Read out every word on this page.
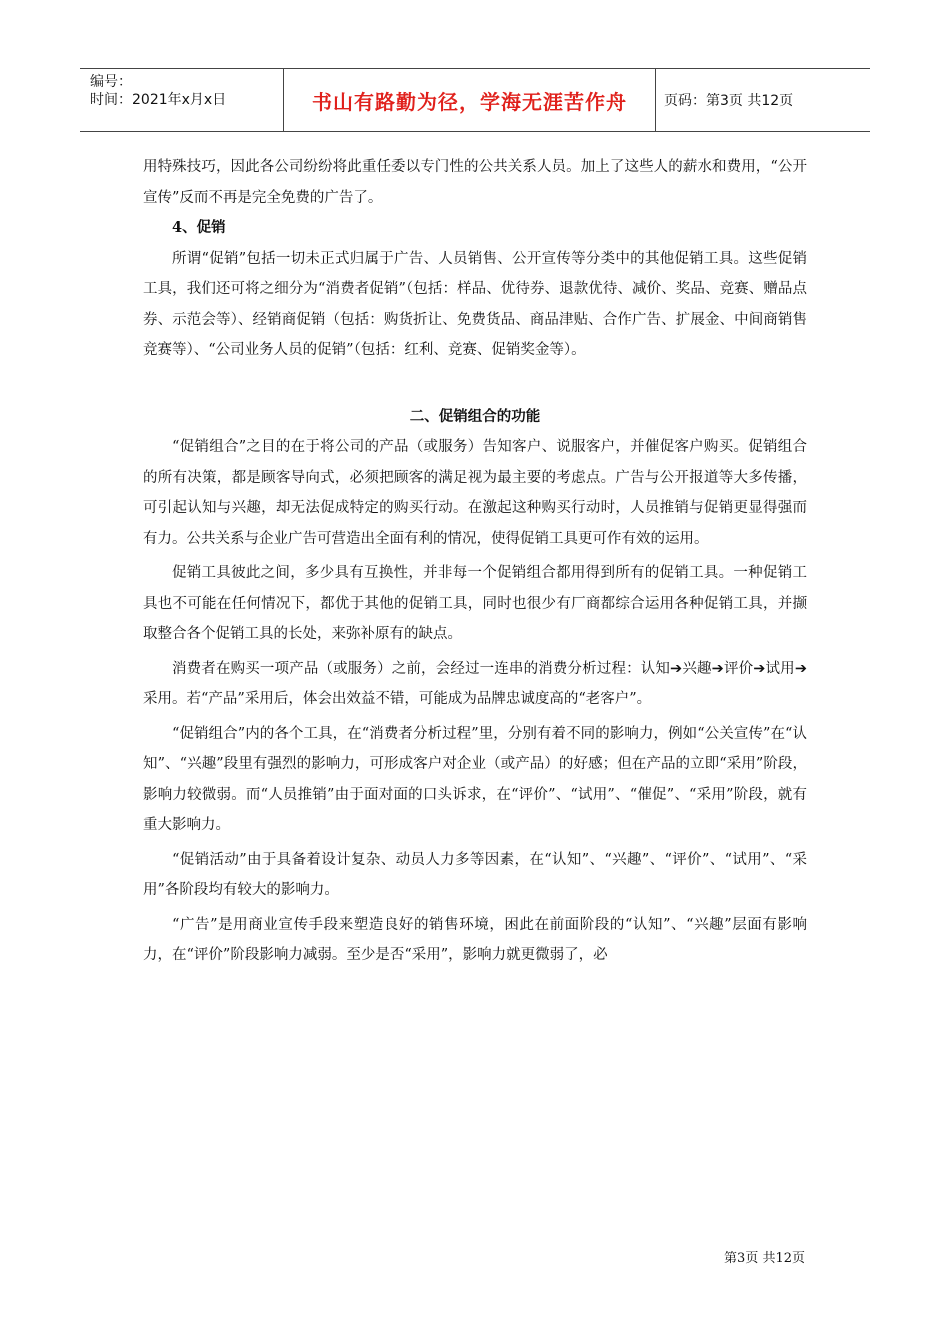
编号：
时间：2021年x月x日	书山有路勤为径，学海无涯苦作舟	页码：第3页 共12页

用特殊技巧，因此各公司纷纷将此重任委以专门性的公共关系人员。加上了这些人的薪水和费用，“公开宣传”反而不再是完全免费的广告了。

4、促销

所谓“促销”包括一切未正式归属于广告、人员销售、公开宣传等分类中的其他促销工具。这些促销工具，我们还可将之细分为“消费者促销”（包括：样品、优待券、退款优待、减价、奖品、竞赛、赠品点券、示范会等）、经销商促销（包括：购货折让、免费货品、商品津贴、合作广告、扩展金、中间商销售竞赛等）、“公司业务人员的促销”（包括：红利、竞赛、促销奖金等）。

二、促销组合的功能

“促销组合”之目的在于将公司的产品（或服务）告知客户、说服客户，并催促客户购买。促销组合的所有决策，都是顾客导向式，必须把顾客的满足视为最主要的考虑点。广告与公开报道等大多传播，可引起认知与兴趣，却无法促成特定的购买行动。在激起这种购买行动时，人员推销与促销更显得强而有力。公共关系与企业广告可营造出全面有利的情况，使得促销工具更可作有效的运用。

促销工具彼此之间，多少具有互换性，并非每一个促销组合都用得到所有的促销工具。一种促销工具也不可能在任何情况下，都优于其他的促销工具，同时也很少有厂商都综合运用各种促销工具，并撷取整合各个促销工具的长处，来弥补原有的缺点。

消费者在购买一项产品（或服务）之前，会经过一连串的消费分析过程：认知➔兴趣➔评价➔试用➔采用。若“产品”采用后，体会出效益不错，可能成为品牌忠诚度高的“老客户”。

“促销组合”内的各个工具，在“消费者分析过程”里，分别有着不同的影响力，例如“公关宣传”在“认知”、“兴趣”段里有强烈的影响力，可形成客户对企业（或产品）的好感；但在产品的立即“采用”阶段，影响力较微弱。而“人员推销”由于面对面的口头诉求，在“评价”、“试用”、“催促”、“采用”阶段，就有重大影响力。

“促销活动”由于具备着设计复杂、动员人力多等因素，在“认知”、“兴趣”、“评价”、“试用”、“采用”各阶段均有较大的影响力。

“广告”是用商业宣传手段来塑造良好的销售环境，困此在前面阶段的“认知”、“兴趣”层面有影响力，在“评价”阶段影响力减弱。至少是否“采用”，影响力就更微弱了，必

第3页 共12页
